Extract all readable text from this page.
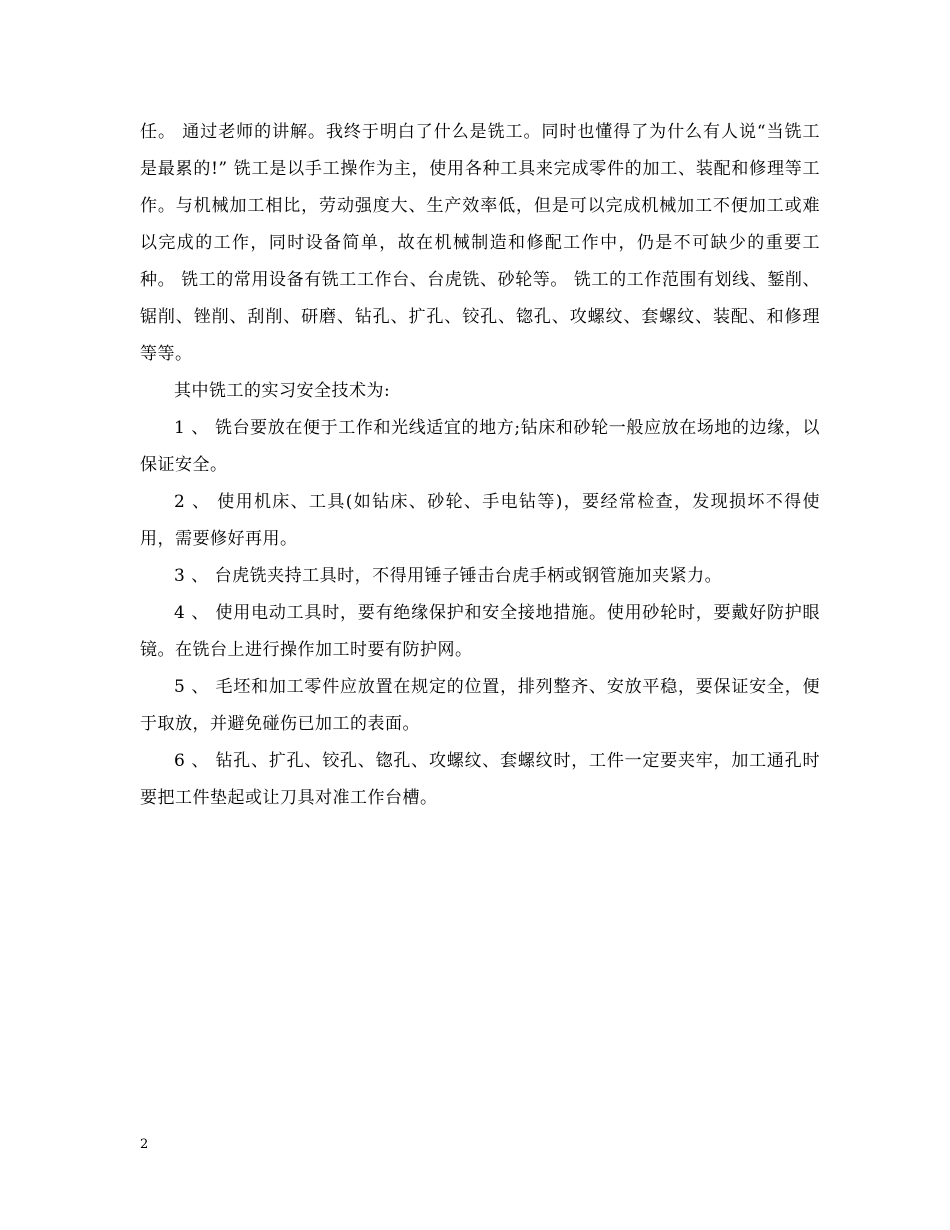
任。 通过老师的讲解。我终于明白了什么是铣工。同时也懂得了为什么有人说“当铣工是最累的!” 铣工是以手工操作为主，使用各种工具来完成零件的加工、装配和修理等工作。与机械加工相比，劳动强度大、生产效率低，但是可以完成机械加工不便加工或难以完成的工作，同时设备简单，故在机械制造和修配工作中，仍是不可缺少的重要工种。 铣工的常用设备有铣工工作台、台虎铣、砂轮等。 铣工的工作范围有划线、錾削、锯削、锉削、刮削、研磨、钻孔、扩孔、铰孔、锪孔、攻螺纹、套螺纹、装配、和修理等等。

其中铣工的实习安全技术为:

1 、 铣台要放在便于工作和光线适宜的地方;钻床和砂轮一般应放在场地的边缘，以保证安全。

2 、 使用机床、工具(如钻床、砂轮、手电钻等)，要经常检查，发现损坏不得使用，需要修好再用。

3 、 台虎铣夹持工具时，不得用锤子锤击台虎手柄或钢管施加夹紧力。

4 、 使用电动工具时，要有绝缘保护和安全接地措施。使用砂轮时，要戴好防护眼镜。在铣台上进行操作加工时要有防护网。

5 、 毛坯和加工零件应放置在规定的位置，排列整齐、安放平稳，要保证安全，便于取放，并避免碰伤已加工的表面。

6 、 钻孔、扩孔、铰孔、锪孔、攻螺纹、套螺纹时，工件一定要夹牢，加工通孔时要把工件垫起或让刀具对准工作台槽。

2
